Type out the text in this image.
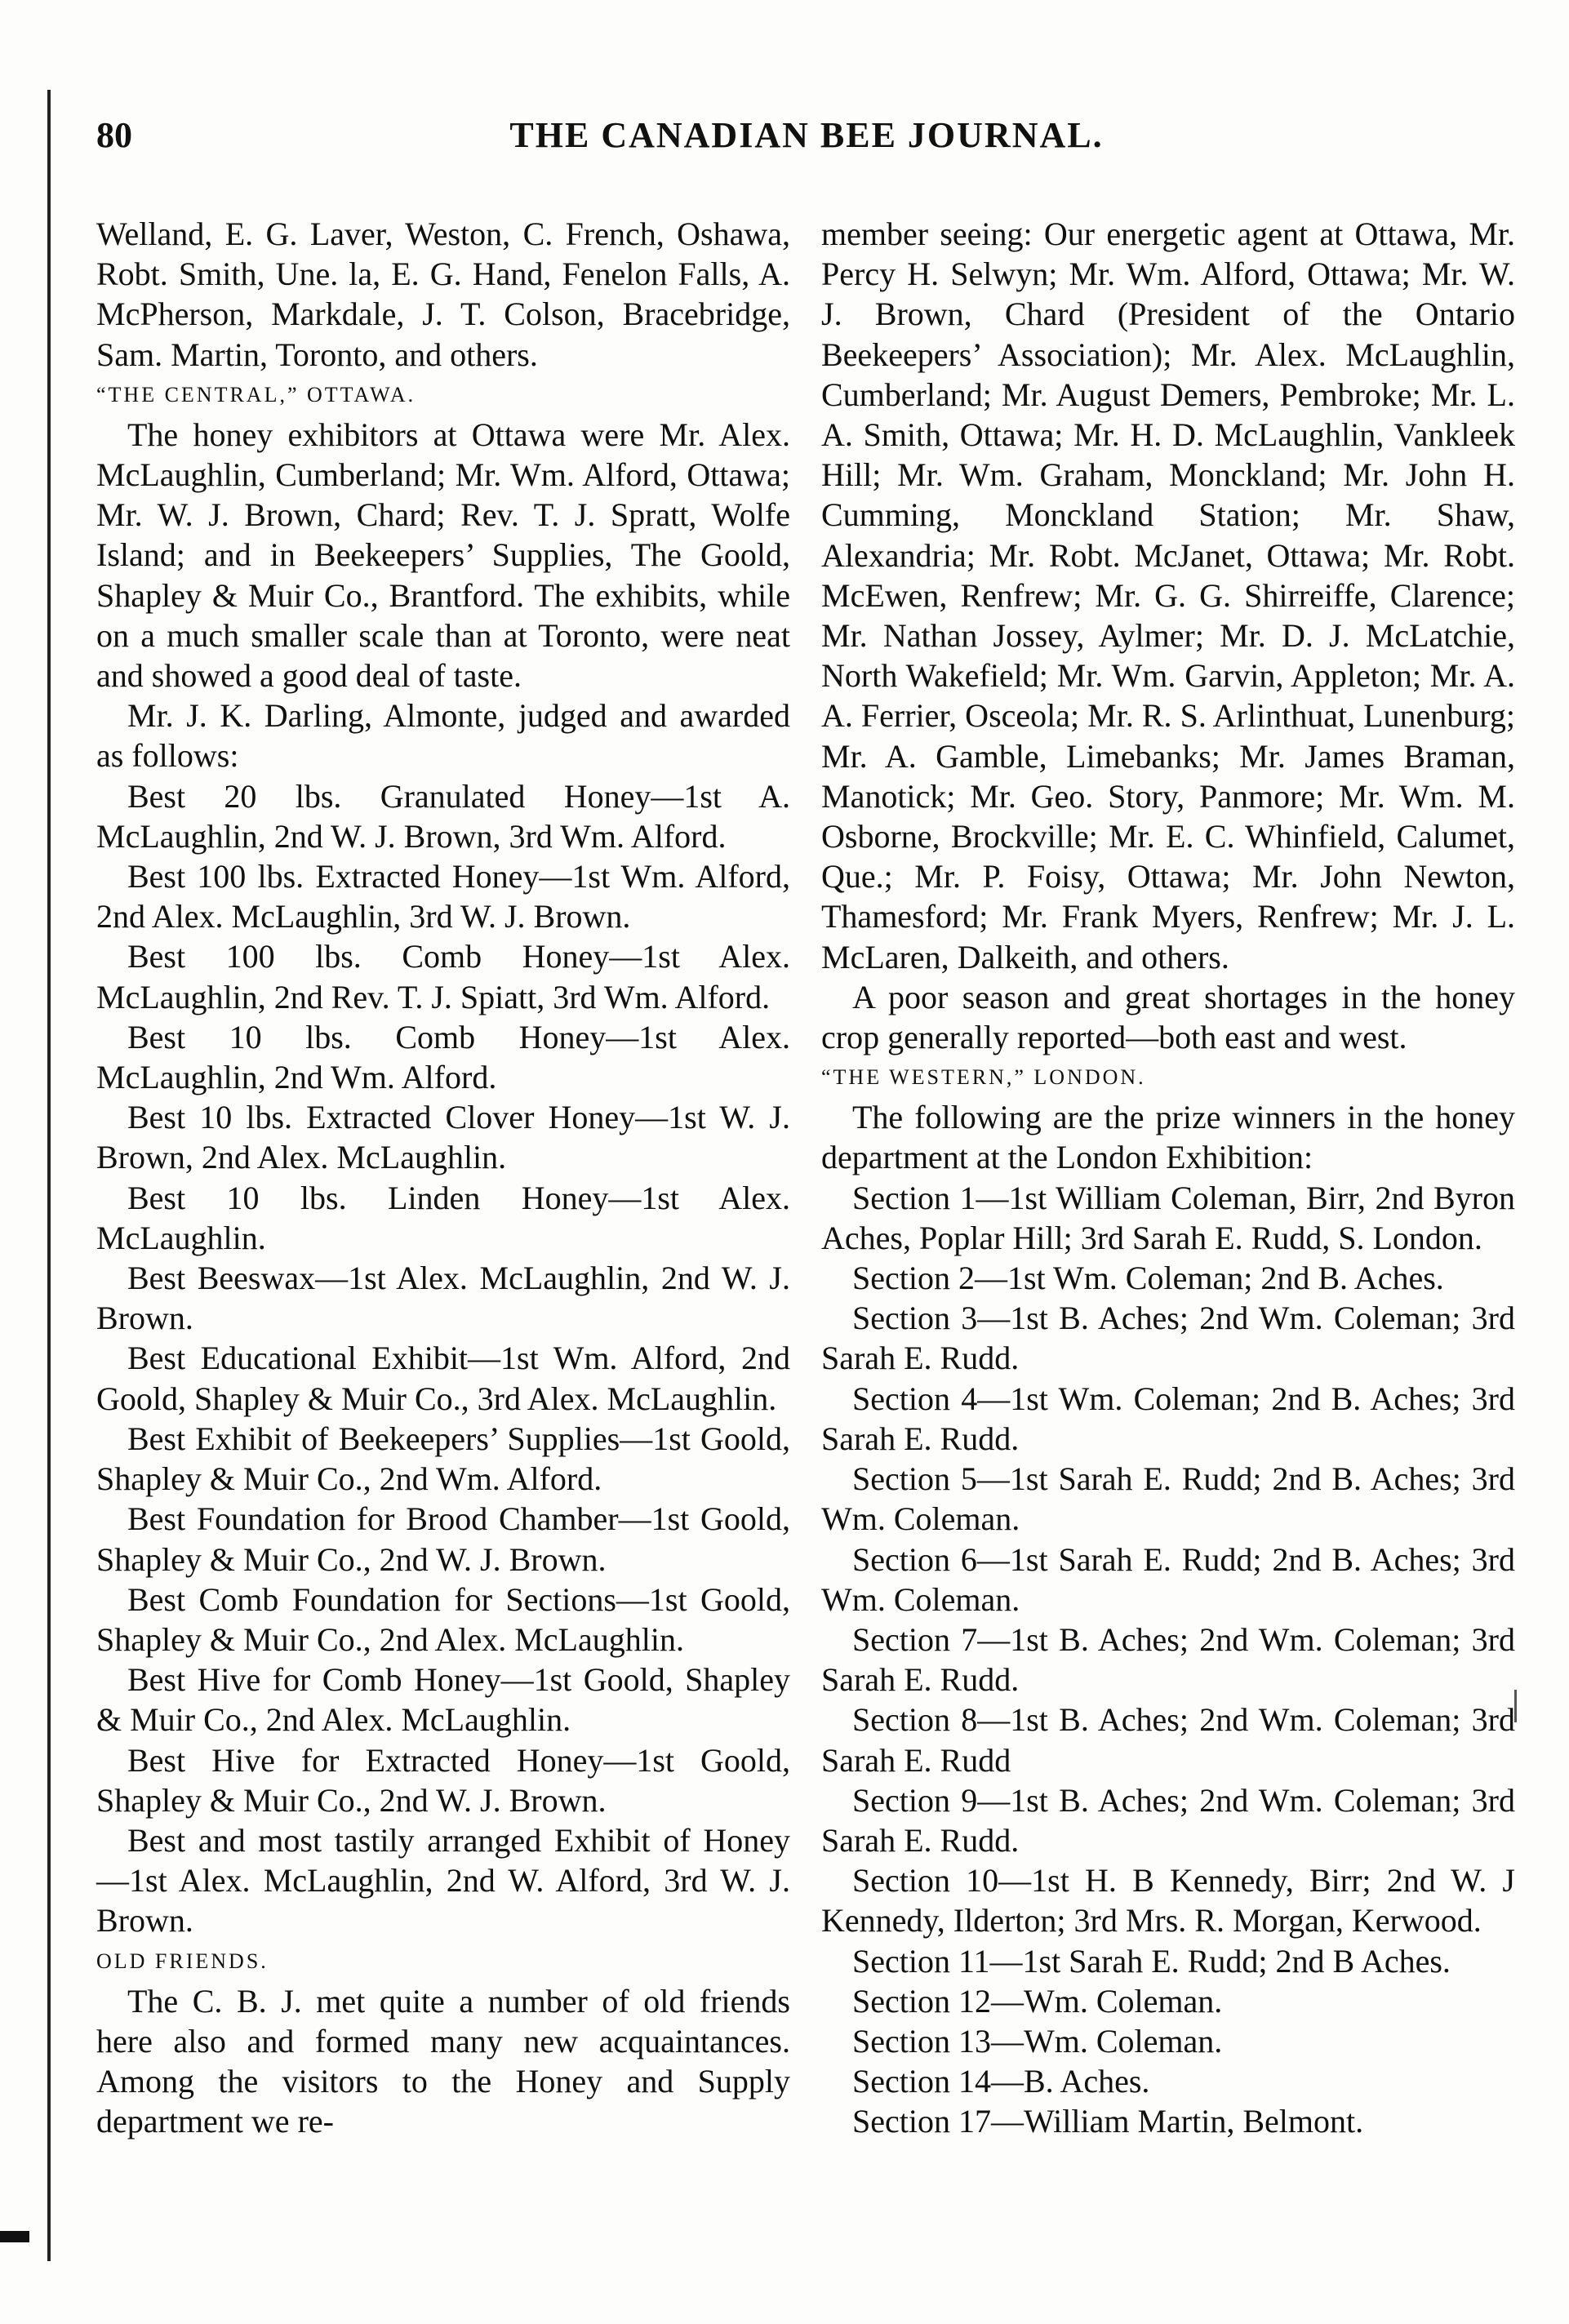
80	THE CANADIAN BEE JOURNAL.

Welland, E. G. Laver, Weston, C. French, Oshawa, Robt. Smith, Une. la, E. G. Hand, Fenelon Falls, A. McPherson, Markdale, J. T. Colson, Bracebridge, Sam. Martin, Toronto, and others.

“THE CENTRAL,” OTTAWA.

The honey exhibitors at Ottawa were Mr. Alex. McLaughlin, Cumberland; Mr. Wm. Alford, Ottawa; Mr. W. J. Brown, Chard; Rev. T. J. Spratt, Wolfe Island; and in Beekeepers’ Supplies, The Goold, Shapley & Muir Co., Brantford. The exhibits, while on a much smaller scale than at Toronto, were neat and showed a good deal of taste.

Mr. J. K. Darling, Almonte, judged and awarded as follows:

Best 20 lbs. Granulated Honey—1st A. McLaughlin, 2nd W. J. Brown, 3rd Wm. Alford.

Best 100 lbs. Extracted Honey—1st Wm. Alford, 2nd Alex. McLaughlin, 3rd W. J. Brown.

Best 100 lbs. Comb Honey—1st Alex. McLaughlin, 2nd Rev. T. J. Spiatt, 3rd Wm. Alford.

Best 10 lbs. Comb Honey—1st Alex. McLaughlin, 2nd Wm. Alford.

Best 10 lbs. Extracted Clover Honey—1st W. J. Brown, 2nd Alex. McLaughlin.

Best 10 lbs. Linden Honey—1st Alex. McLaughlin.

Best Beeswax—1st Alex. McLaughlin, 2nd W. J. Brown.

Best Educational Exhibit—1st Wm. Alford, 2nd Goold, Shapley & Muir Co., 3rd Alex. McLaughlin.

Best Exhibit of Beekeepers’ Supplies—1st Goold, Shapley & Muir Co., 2nd Wm. Alford.

Best Foundation for Brood Chamber—1st Goold, Shapley & Muir Co., 2nd W. J. Brown.

Best Comb Foundation for Sections—1st Goold, Shapley & Muir Co., 2nd Alex. McLaughlin.

Best Hive for Comb Honey—1st Goold, Shapley & Muir Co., 2nd Alex. McLaughlin.

Best Hive for Extracted Honey—1st Goold, Shapley & Muir Co., 2nd W. J. Brown.

Best and most tastily arranged Exhibit of Honey—1st Alex. McLaughlin, 2nd W. Alford, 3rd W. J. Brown.

OLD FRIENDS.

The C. B. J. met quite a number of old friends here also and formed many new acquaintances. Among the visitors to the Honey and Supply department we re-

member seeing: Our energetic agent at Ottawa, Mr. Percy H. Selwyn; Mr. Wm. Alford, Ottawa; Mr. W. J. Brown, Chard (President of the Ontario Beekeepers’ Association); Mr. Alex. McLaughlin, Cumberland; Mr. August Demers, Pembroke; Mr. L. A. Smith, Ottawa; Mr. H. D. McLaughlin, Vankleek Hill; Mr. Wm. Graham, Monckland; Mr. John H. Cumming, Monckland Station; Mr. Shaw, Alexandria; Mr. Robt. McJanet, Ottawa; Mr. Robt. McEwen, Renfrew; Mr. G. G. Shirreiffe, Clarence; Mr. Nathan Jossey, Aylmer; Mr. D. J. McLatchie, North Wakefield; Mr. Wm. Garvin, Appleton; Mr. A. A. Ferrier, Osceola; Mr. R. S. Arlinthuat, Lunenburg; Mr. A. Gamble, Limebanks; Mr. James Braman, Manotick; Mr. Geo. Story, Panmore; Mr. Wm. M. Osborne, Brockville; Mr. E. C. Whinfield, Calumet, Que.; Mr. P. Foisy, Ottawa; Mr. John Newton, Thamesford; Mr. Frank Myers, Renfrew; Mr. J. L. McLaren, Dalkeith, and others.

A poor season and great shortages in the honey crop generally reported—both east and west.

“THE WESTERN,” LONDON.

The following are the prize winners in the honey department at the London Exhibition:

Section 1—1st William Coleman, Birr, 2nd Byron Aches, Poplar Hill; 3rd Sarah E. Rudd, S. London.

Section 2—1st Wm. Coleman; 2nd B. Aches.

Section 3—1st B. Aches; 2nd Wm. Coleman; 3rd Sarah E. Rudd.

Section 4—1st Wm. Coleman; 2nd B. Aches; 3rd Sarah E. Rudd.

Section 5—1st Sarah E. Rudd; 2nd B. Aches; 3rd Wm. Coleman.

Section 6—1st Sarah E. Rudd; 2nd B. Aches; 3rd Wm. Coleman.

Section 7—1st B. Aches; 2nd Wm. Coleman; 3rd Sarah E. Rudd.

Section 8—1st B. Aches; 2nd Wm. Coleman; 3rd Sarah E. Rudd

Section 9—1st B. Aches; 2nd Wm. Coleman; 3rd Sarah E. Rudd.

Section 10—1st H. B Kennedy, Birr; 2nd W. J Kennedy, Ilderton; 3rd Mrs. R. Morgan, Kerwood.

Section 11—1st Sarah E. Rudd; 2nd B Aches.

Section 12—Wm. Coleman.

Section 13—Wm. Coleman.

Section 14—B. Aches.

Section 17—William Martin, Belmont.
